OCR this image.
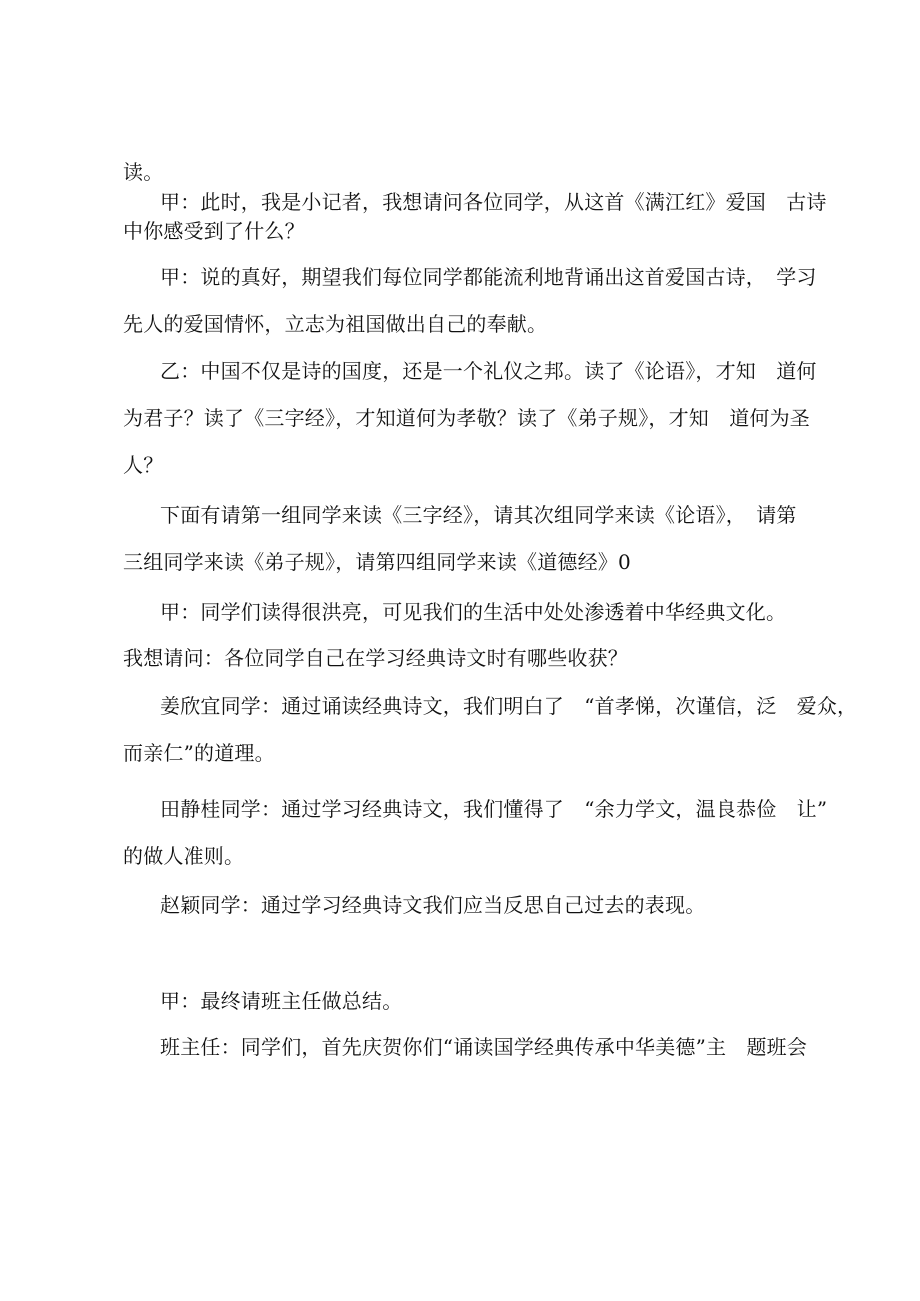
读。
甲：此时，我是小记者，我想请问各位同学，从这首《满江红》爱国　古诗
中你感受到了什么？
甲：说的真好，期望我们每位同学都能流利地背诵出这首爱国古诗，　学习
先人的爱国情怀，立志为祖国做出自己的奉献。
乙：中国不仅是诗的国度，还是一个礼仪之邦。读了《论语》，才知　道何
为君子？读了《三字经》，才知道何为孝敬？读了《弟子规》，才知　道何为圣
人？
下面有请第一组同学来读《三字经》，请其次组同学来读《论语》，　请第
三组同学来读《弟子规》，请第四组同学来读《道德经》0
甲：同学们读得很洪亮，可见我们的生活中处处渗透着中华经典文化。
我想请问：各位同学自己在学习经典诗文时有哪些收获？
姜欣宜同学：通过诵读经典诗文，我们明白了　“首孝悌，次谨信，泛　爱众，
而亲仁”的道理。
田静桂同学：通过学习经典诗文，我们懂得了　“余力学文，温良恭俭　让”
的做人准则。
赵颖同学：通过学习经典诗文我们应当反思自己过去的表现。
甲：最终请班主任做总结。
班主任：同学们，首先庆贺你们“诵读国学经典传承中华美德”主　题班会
